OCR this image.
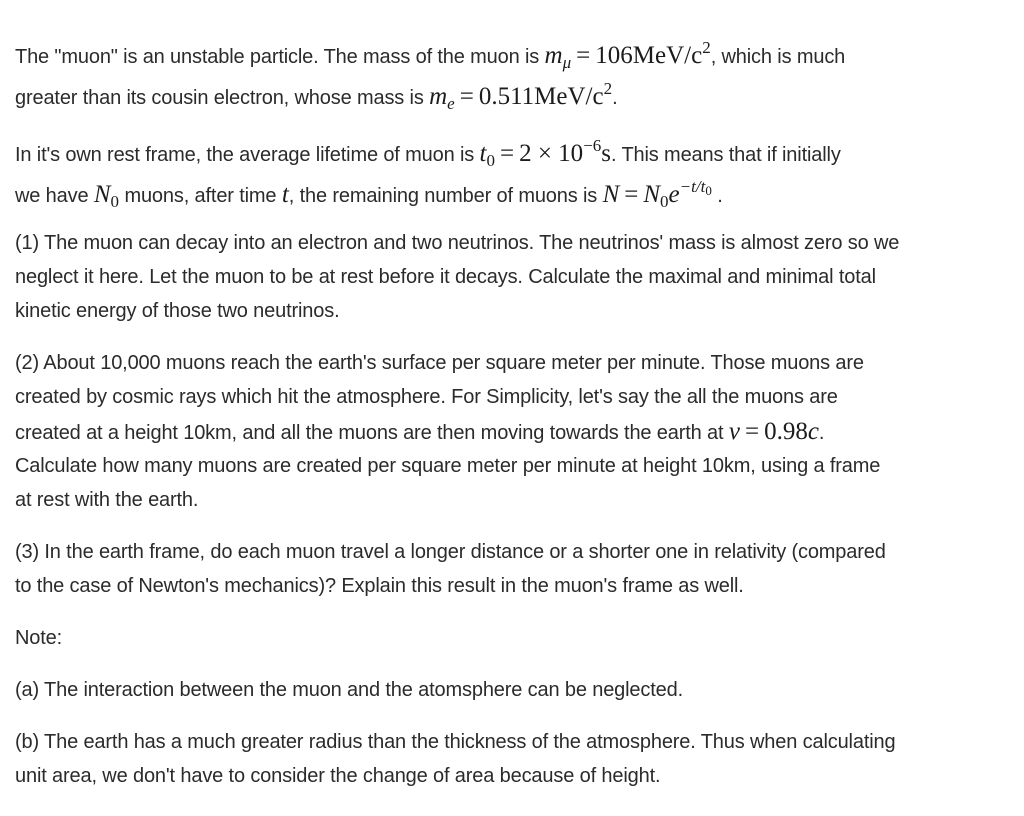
The "muon" is an unstable particle. The mass of the muon is $m_\mu = 106MeV/c^2$, which is much

greater than its cousin electron, whose mass is $m_e = 0.511MeV/c^2$.

In it's own rest frame, the average lifetime of muon is $t_0 = 2 \times 10^{-6}s$. This means that if initially

we have $N_0$ muons, after time t, the remaining number of muons is $N = N_0e^{-t/t0}$ .

(1) The muon can decay into an electron and two neutrinos. The neutrinos' mass is almost zero so we

neglect it here. Let the muon to be at rest before it decays. Calculate the maximal and minimal total

kinetic energy of those two neutrinos.

(2) About 10,000 muons reach the earth's surface per square meter per minute. Those muons are

created by cosmic rays which hit the atmosphere. For Simplicity, let's say the all the muons are

created at a height 10km, and all the muons are then moving towards the earth at v = 0.98c.

Calculate how many muons are created per square meter per minute at height 10km, using a frame

at rest with the earth.

(3) In the earth frame, do each muon travel a longer distance or a shorter one in relativity (compared

to the case of Newton's mechanics)? Explain this result in the muon's frame as well.

Note:

(a) The interaction between the muon and the atomsphere can be neglected.

(b) The earth has a much greater radius than the thickness of the atmosphere. Thus when calculating

unit area, we don't have to consider the change of area because of height.
